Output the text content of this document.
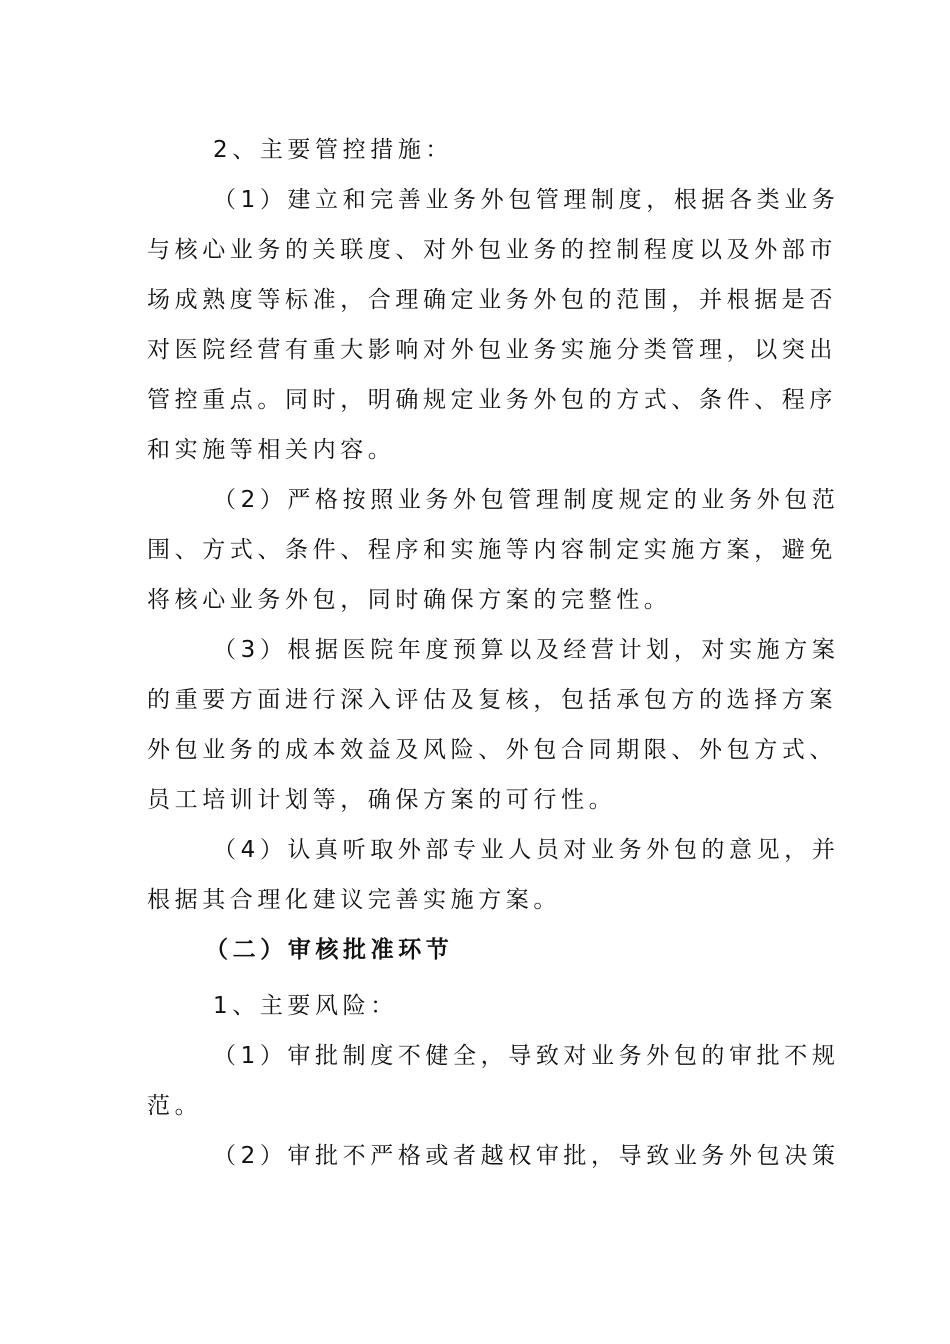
2、主要管控措施：
（1）建立和完善业务外包管理制度，根据各类业务
与核心业务的关联度、对外包业务的控制程度以及外部市
场成熟度等标准，合理确定业务外包的范围，并根据是否
对医院经营有重大影响对外包业务实施分类管理，以突出
管控重点。同时，明确规定业务外包的方式、条件、程序
和实施等相关内容。
（2）严格按照业务外包管理制度规定的业务外包范
围、方式、条件、程序和实施等内容制定实施方案，避免
将核心业务外包，同时确保方案的完整性。
（3）根据医院年度预算以及经营计划，对实施方案
的重要方面进行深入评估及复核，包括承包方的选择方案
外包业务的成本效益及风险、外包合同期限、外包方式、
员工培训计划等，确保方案的可行性。
（4）认真听取外部专业人员对业务外包的意见，并
根据其合理化建议完善实施方案。
（二）审核批准环节
1、主要风险：
（1）审批制度不健全，导致对业务外包的审批不规
范。
（2）审批不严格或者越权审批，导致业务外包决策
